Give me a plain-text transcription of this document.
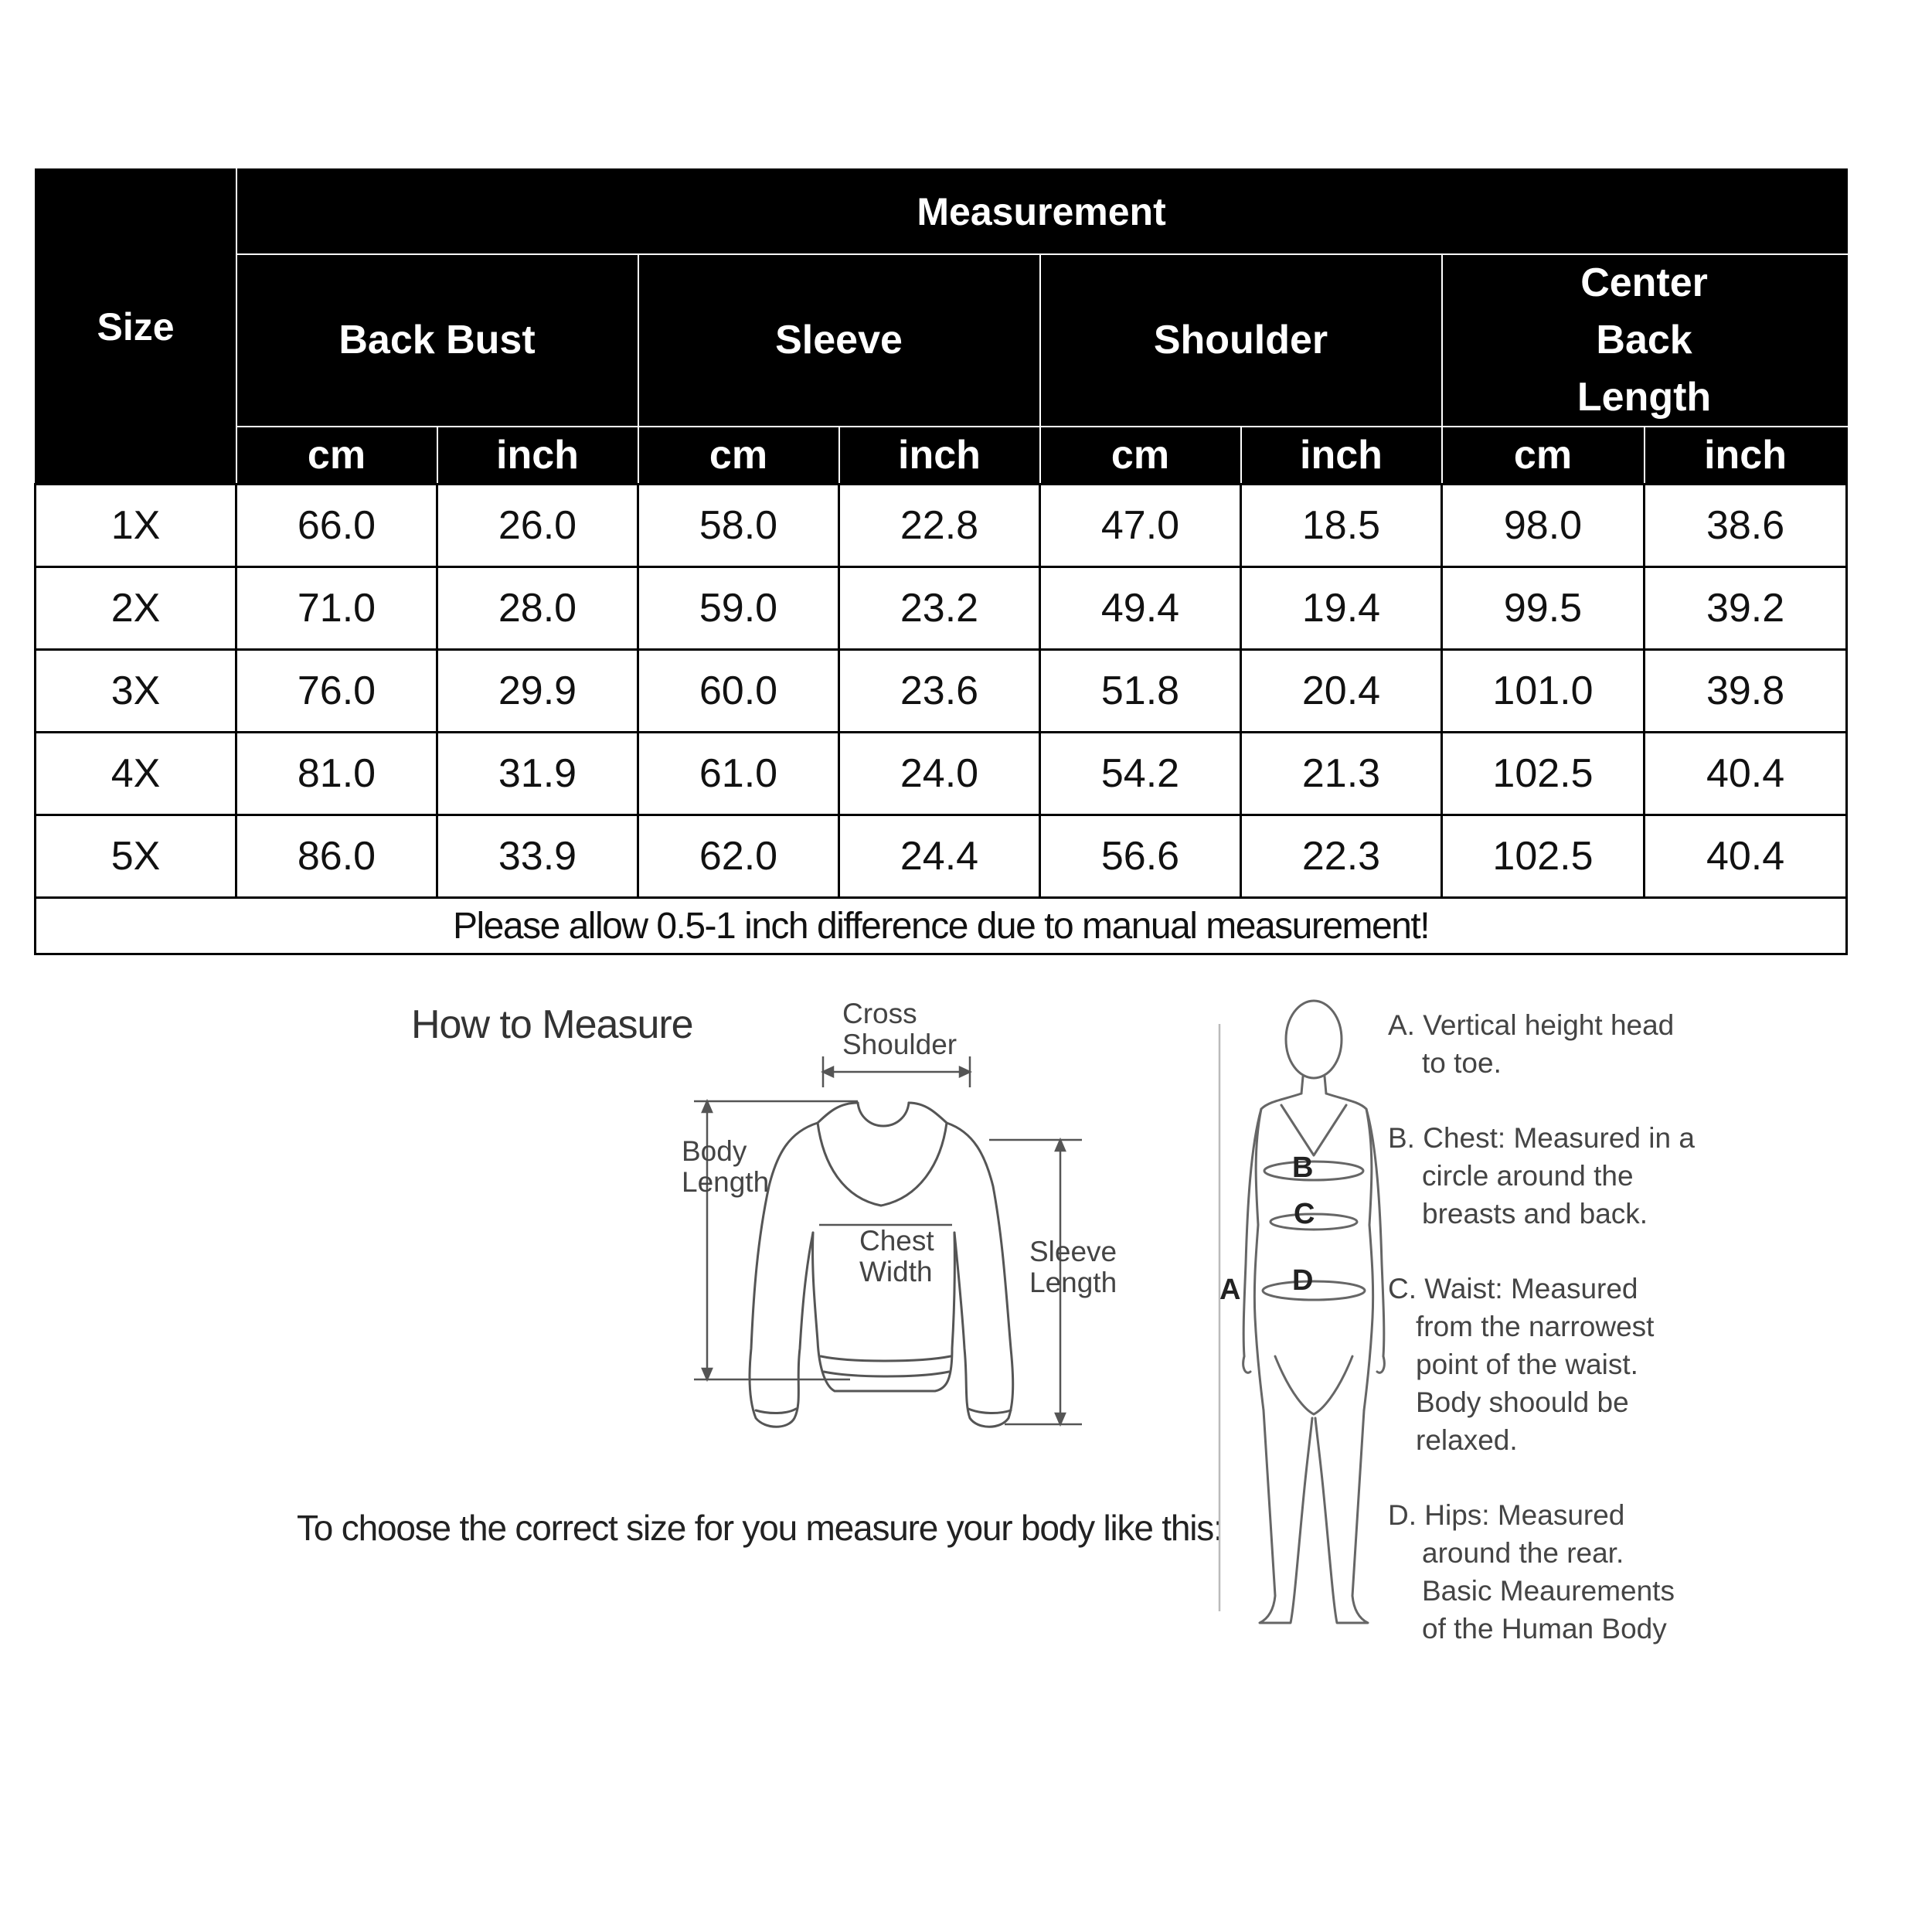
Size	Measurement							
	Back Bust		Sleeve		Shoulder		Center Back Length	
	cm	inch	cm	inch	cm	inch	cm	inch
1X	66.0	26.0	58.0	22.8	47.0	18.5	98.0	38.6
2X	71.0	28.0	59.0	23.2	49.4	19.4	99.5	39.2
3X	76.0	29.9	60.0	23.6	51.8	20.4	101.0	39.8
4X	81.0	31.9	61.0	24.0	54.2	21.3	102.5	40.4
5X	86.0	33.9	62.0	24.4	56.6	22.3	102.5	40.4
Please allow 0.5-1 inch difference due to manual measurement!								
How to Measure	Cross
Shoulder
Body
Length
Chest
Width
Sleeve
Length
To choose the correct size for you measure your body like this:
B
C
D
A
A. Vertical height head
to toe.
B. Chest: Measured in a
circle around the
breasts and back.
C. Waist: Measured
from the narrowest
point of the waist.
Body shoould be
relaxed.
D. Hips: Measured
around the rear.
Basic Meaurements
of the Human Body
